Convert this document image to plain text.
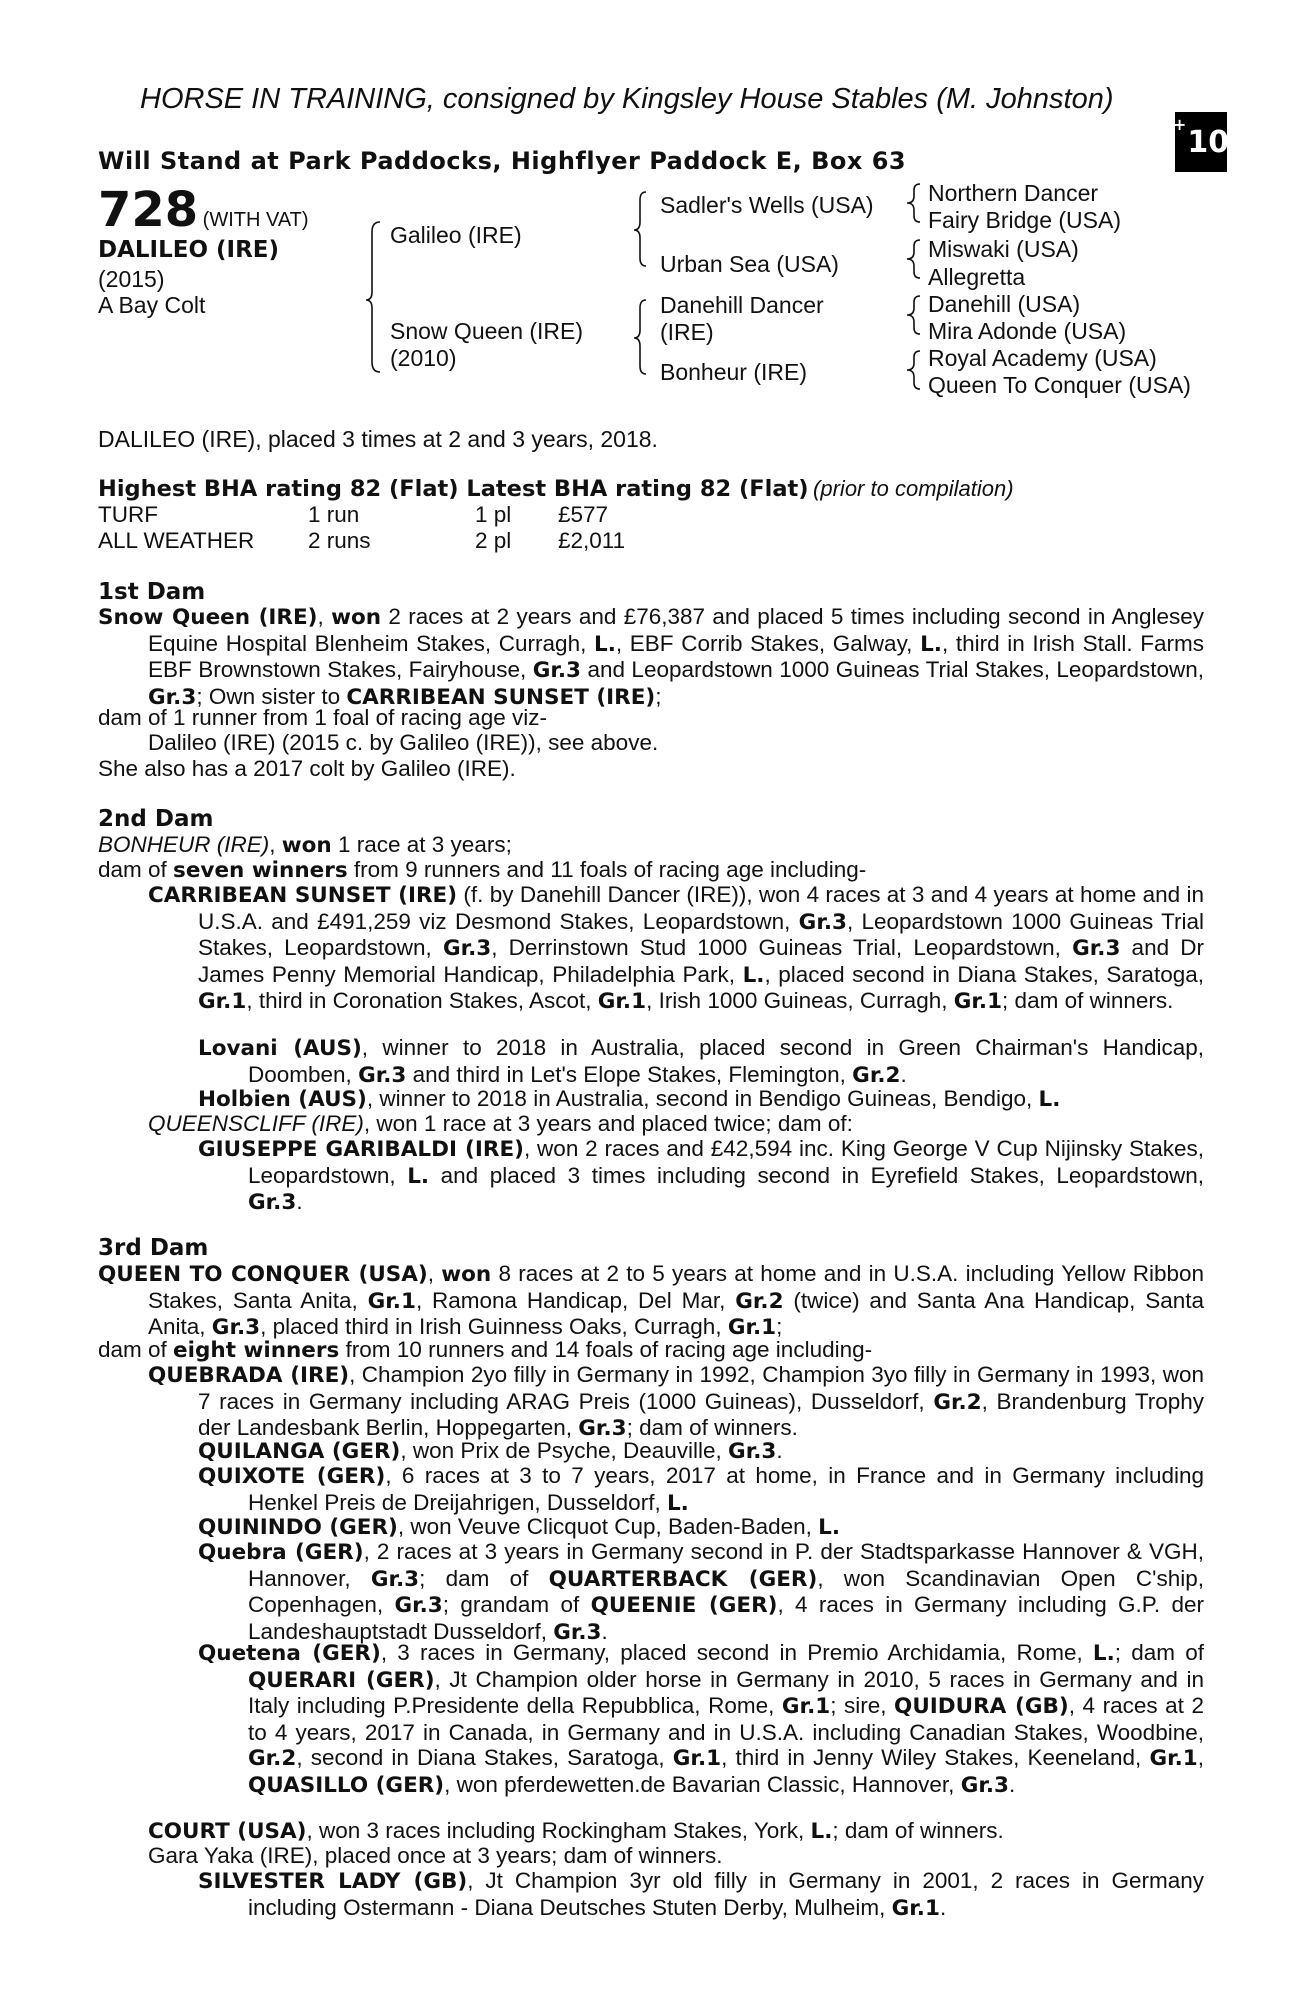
HORSE IN TRAINING, consigned by Kingsley House Stables (M. Johnston)
Will Stand at Park Paddocks, Highflyer Paddock E, Box 63
+ 10
728 (WITH VAT)
DALILEO (IRE)
(2015)
A Bay Colt
Galileo (IRE)
Snow Queen (IRE)
(2010)
Sadler's Wells (USA)
Urban Sea (USA)
Danehill Dancer
(IRE)
Bonheur (IRE)
Northern Dancer
Fairy Bridge (USA)
Miswaki (USA)
Allegretta
Danehill (USA)
Mira Adonde (USA)
Royal Academy (USA)
Queen To Conquer (USA)
DALILEO (IRE), placed 3 times at 2 and 3 years, 2018.
Highest BHA rating 82 (Flat) Latest BHA rating 82 (Flat) (prior to compilation)
TURF	1 run	1 pl £577
ALL WEATHER 2 runs	2 pl £2,011
1st Dam
Snow Queen (IRE), won 2 races at 2 years and £76,387 and placed 5 times including second in Anglesey Equine Hospital Blenheim Stakes, Curragh, L., EBF Corrib Stakes, Galway, L., third in Irish Stall. Farms EBF Brownstown Stakes, Fairyhouse, Gr.3 and Leopardstown 1000 Guineas Trial Stakes, Leopardstown, Gr.3; Own sister to CARRIBEAN SUNSET (IRE);
dam of 1 runner from 1 foal of racing age viz-
Dalileo (IRE) (2015 c. by Galileo (IRE)), see above.
She also has a 2017 colt by Galileo (IRE).
2nd Dam
BONHEUR (IRE), won 1 race at 3 years;
dam of seven winners from 9 runners and 11 foals of racing age including-
CARRIBEAN SUNSET (IRE) (f. by Danehill Dancer (IRE)), won 4 races at 3 and 4 years at home and in U.S.A. and £491,259 viz Desmond Stakes, Leopardstown, Gr.3, Leopardstown 1000 Guineas Trial Stakes, Leopardstown, Gr.3, Derrinstown Stud 1000 Guineas Trial, Leopardstown, Gr.3 and Dr James Penny Memorial Handicap, Philadelphia Park, L., placed second in Diana Stakes, Saratoga, Gr.1, third in Coronation Stakes, Ascot, Gr.1, Irish 1000 Guineas, Curragh, Gr.1; dam of winners.
Lovani (AUS), winner to 2018 in Australia, placed second in Green Chairman's Handicap, Doomben, Gr.3 and third in Let's Elope Stakes, Flemington, Gr.2.
Holbien (AUS), winner to 2018 in Australia, second in Bendigo Guineas, Bendigo, L.
QUEENSCLIFF (IRE), won 1 race at 3 years and placed twice; dam of:
GIUSEPPE GARIBALDI (IRE), won 2 races and £42,594 inc. King George V Cup Nijinsky Stakes, Leopardstown, L. and placed 3 times including second in Eyrefield Stakes, Leopardstown, Gr.3.
3rd Dam
QUEEN TO CONQUER (USA), won 8 races at 2 to 5 years at home and in U.S.A. including Yellow Ribbon Stakes, Santa Anita, Gr.1, Ramona Handicap, Del Mar, Gr.2 (twice) and Santa Ana Handicap, Santa Anita, Gr.3, placed third in Irish Guinness Oaks, Curragh, Gr.1;
dam of eight winners from 10 runners and 14 foals of racing age including-
QUEBRADA (IRE), Champion 2yo filly in Germany in 1992, Champion 3yo filly in Germany in 1993, won 7 races in Germany including ARAG Preis (1000 Guineas), Dusseldorf, Gr.2, Brandenburg Trophy der Landesbank Berlin, Hoppegarten, Gr.3; dam of winners.
QUILANGA (GER), won Prix de Psyche, Deauville, Gr.3.
QUIXOTE (GER), 6 races at 3 to 7 years, 2017 at home, in France and in Germany including Henkel Preis de Dreijahrigen, Dusseldorf, L.
QUININDO (GER), won Veuve Clicquot Cup, Baden-Baden, L.
Quebra (GER), 2 races at 3 years in Germany second in P. der Stadtsparkasse Hannover & VGH, Hannover, Gr.3; dam of QUARTERBACK (GER), won Scandinavian Open C'ship, Copenhagen, Gr.3; grandam of QUEENIE (GER), 4 races in Germany including G.P. der Landeshauptstadt Dusseldorf, Gr.3.
Quetena (GER), 3 races in Germany, placed second in Premio Archidamia, Rome, L.; dam of QUERARI (GER), Jt Champion older horse in Germany in 2010, 5 races in Germany and in Italy including P.Presidente della Repubblica, Rome, Gr.1; sire, QUIDURA (GB), 4 races at 2 to 4 years, 2017 in Canada, in Germany and in U.S.A. including Canadian Stakes, Woodbine, Gr.2, second in Diana Stakes, Saratoga, Gr.1, third in Jenny Wiley Stakes, Keeneland, Gr.1, QUASILLO (GER), won pferdewetten.de Bavarian Classic, Hannover, Gr.3.
COURT (USA), won 3 races including Rockingham Stakes, York, L.; dam of winners.
Gara Yaka (IRE), placed once at 3 years; dam of winners.
SILVESTER LADY (GB), Jt Champion 3yr old filly in Germany in 2001, 2 races in Germany including Ostermann - Diana Deutsches Stuten Derby, Mulheim, Gr.1.
